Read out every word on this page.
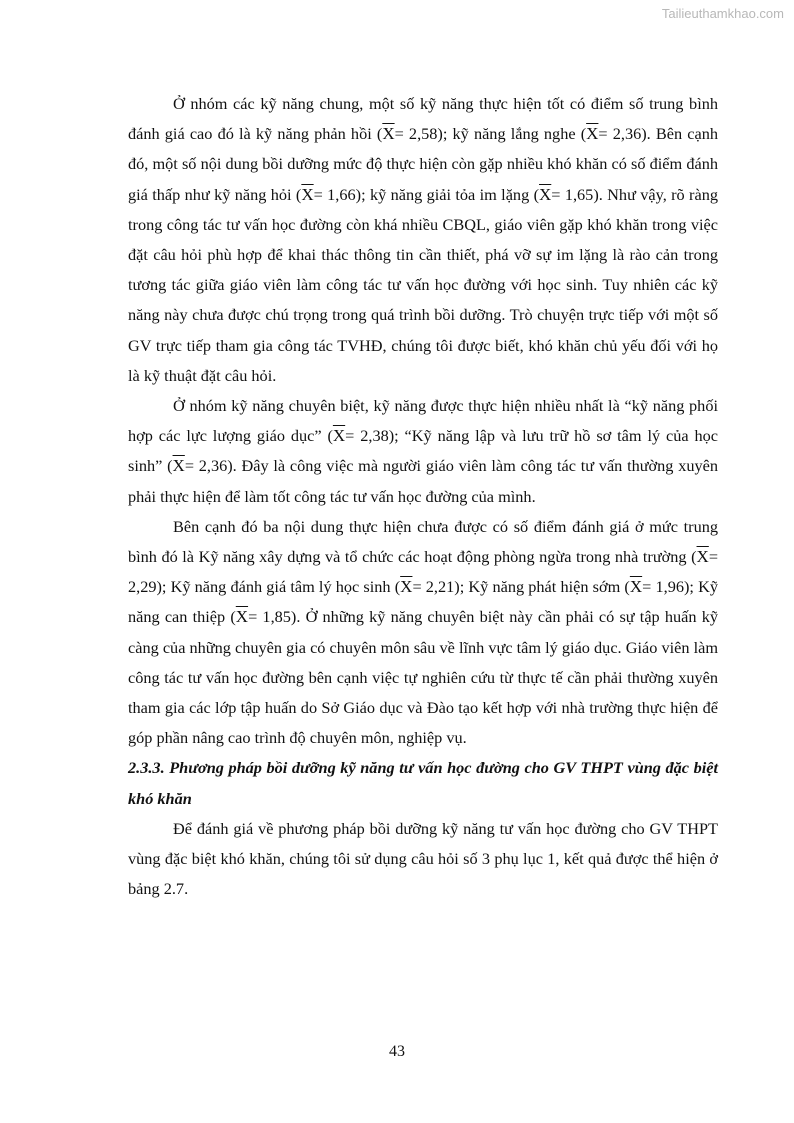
Tailieuthamkhao.com

Ở nhóm các kỹ năng chung, một số kỹ năng thực hiện tốt có điểm số trung bình đánh giá cao đó là kỹ năng phản hồi $(\overline{X}= 2,58)$; kỹ năng lắng nghe $(\overline{X}= 2,36)$. Bên cạnh đó, một số nội dung bồi dưỡng mức độ thực hiện còn gặp nhiều khó khăn có số điểm đánh giá thấp như kỹ năng hỏi $(\overline{X}= 1,66)$; kỹ năng giải tỏa im lặng $(\overline{X}= 1,65)$. Như vậy, rõ ràng trong công tác tư vấn học đường còn khá nhiều CBQL, giáo viên gặp khó khăn trong việc đặt câu hỏi phù hợp để khai thác thông tin cần thiết, phá vỡ sự im lặng là rào cản trong tương tác giữa giáo viên làm công tác tư vấn học đường với học sinh. Tuy nhiên các kỹ năng này chưa được chú trọng trong quá trình bồi dưỡng. Trò chuyện trực tiếp với một số GV trực tiếp tham gia công tác TVHĐ, chúng tôi được biết, khó khăn chủ yếu đối với họ là kỹ thuật đặt câu hỏi.

Ở nhóm kỹ năng chuyên biệt, kỹ năng được thực hiện nhiều nhất là “kỹ năng phối hợp các lực lượng giáo dục” $(\overline{X}= 2,38)$; “Kỹ năng lập và lưu trữ hồ sơ tâm lý của học sinh” $(\overline{X}= 2,36)$. Đây là công việc mà người giáo viên làm công tác tư vấn thường xuyên phải thực hiện để làm tốt công tác tư vấn học đường của mình.

Bên cạnh đó ba nội dung thực hiện chưa được có số điểm đánh giá ở mức trung bình đó là Kỹ năng xây dựng và tổ chức các hoạt động phòng ngừa trong nhà trường $(\overline{X}= 2,29)$; Kỹ năng đánh giá tâm lý học $\sinh (\overline{X}= 2,21)$; Kỹ năng phát hiện sớm $(\overline{X}= 1,96)$; Kỹ năng can thiệp $(\overline{X}= 1,85)$. Ở những kỹ năng chuyên biệt này cần phải có sự tập huấn kỹ càng của những chuyên gia có chuyên môn sâu về lĩnh vực tâm lý giáo dục. Giáo viên làm công tác tư vấn học đường bên cạnh việc tự nghiên cứu từ thực tế cần phải thường xuyên tham gia các lớp tập huấn do Sở Giáo dục và Đào tạo kết hợp với nhà trường thực hiện để góp phần nâng cao trình độ chuyên môn, nghiệp vụ.

2.3.3. Phương pháp bồi dưỡng kỹ năng tư vấn học đường cho GV THPT vùng đặc biệt khó khăn

Để đánh giá về phương pháp bồi dưỡng kỹ năng tư vấn học đường cho GV THPT vùng đặc biệt khó khăn, chúng tôi sử dụng câu hỏi số 3 phụ lục 1, kết quả được thể hiện ở bảng 2.7.

43
